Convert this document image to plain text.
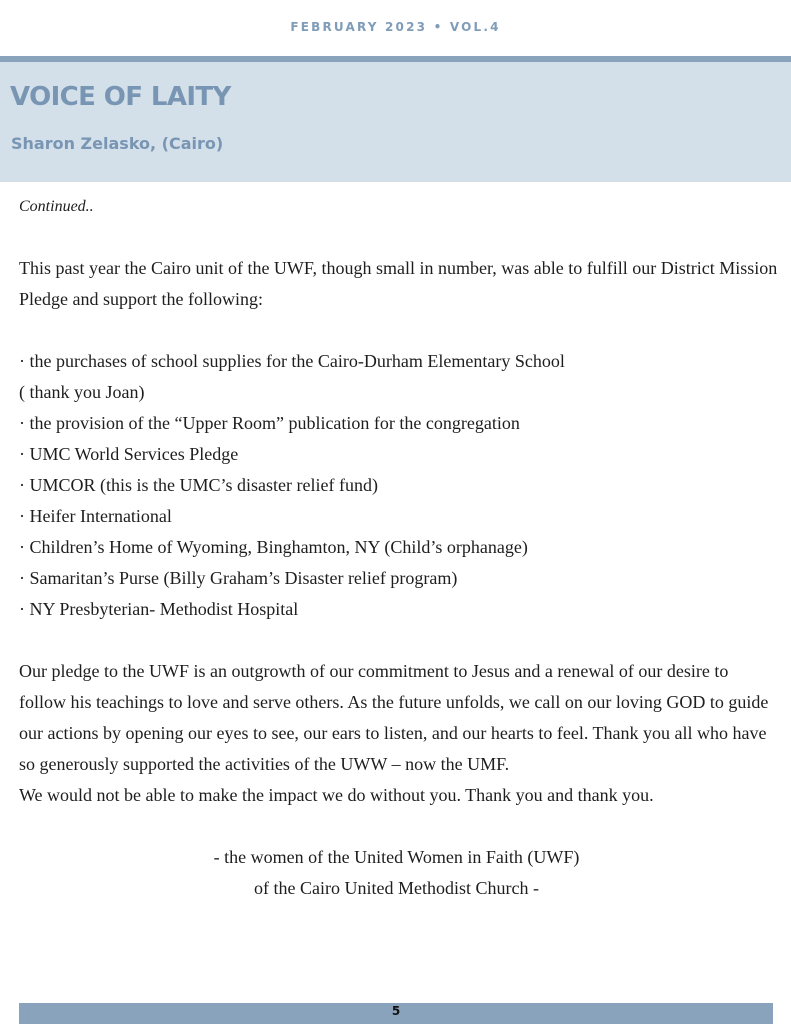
FEBRUARY 2023 • VOL.4
VOICE OF LAITY
Sharon Zelasko, (Cairo)

Continued..

This past year the Cairo unit of the UWF, though small in number, was able to fulfill our District Mission Pledge and support the following:

· the purchases of school supplies for the Cairo-Durham Elementary School
( thank you Joan)
· the provision of the “Upper Room” publication for the congregation
· UMC World Services Pledge
· UMCOR (this is the UMC’s disaster relief fund)
· Heifer International
· Children’s Home of Wyoming, Binghamton, NY (Child’s orphanage)
· Samaritan’s Purse (Billy Graham’s Disaster relief program)
· NY Presbyterian- Methodist Hospital

Our pledge to the UWF is an outgrowth of our commitment to Jesus and a renewal of our desire to follow his teachings to love and serve others. As the future unfolds, we call on our loving GOD to guide our actions by opening our eyes to see, our ears to listen, and our hearts to feel. Thank you all who have so generously supported the activities of the UWW – now the UMF.

We would not be able to make the impact we do without you. Thank you and thank you.

- the women of the United Women in Faith (UWF)

of the Cairo United Methodist Church -

5
